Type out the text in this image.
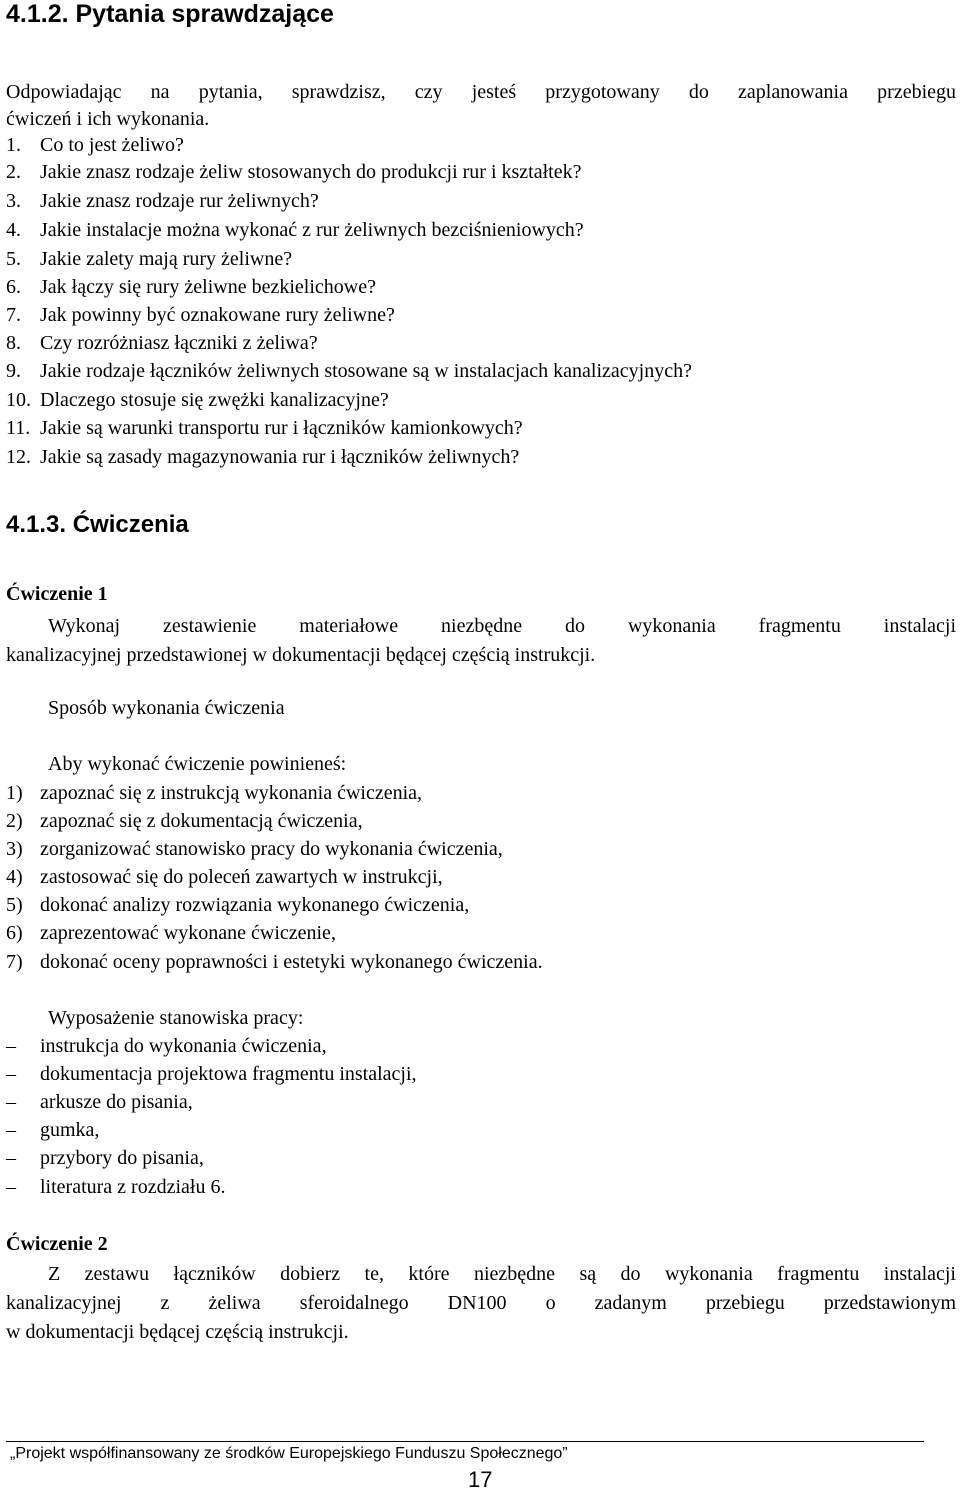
4.1.2. Pytania sprawdzające
Odpowiadając na pytania, sprawdzisz, czy jesteś przygotowany do zaplanowania przebiegu
ćwiczeń i ich wykonania.
1. Co to jest żeliwo?
2. Jakie znasz rodzaje żeliw stosowanych do produkcji rur i kształtek?
3. Jakie znasz rodzaje rur żeliwnych?
4. Jakie instalacje można wykonać z rur żeliwnych bezciśnieniowych?
5. Jakie zalety mają rury żeliwne?
6. Jak łączy się rury żeliwne bezkielichowe?
7. Jak powinny być oznakowane rury żeliwne?
8. Czy rozróżniasz łączniki z żeliwa?
9. Jakie rodzaje łączników żeliwnych stosowane są w instalacjach kanalizacyjnych?
10. Dlaczego stosuje się zwężki kanalizacyjne?
11. Jakie są warunki transportu rur i łączników kamionkowych?
12. Jakie są zasady magazynowania rur i łączników żeliwnych?
4.1.3. Ćwiczenia
Ćwiczenie 1
Wykonaj zestawienie materiałowe niezbędne do wykonania fragmentu instalacji
kanalizacyjnej przedstawionej w dokumentacji będącej częścią instrukcji.
Sposób wykonania ćwiczenia
Aby wykonać ćwiczenie powinieneś:
1) zapoznać się z instrukcją wykonania ćwiczenia,
2) zapoznać się z dokumentacją ćwiczenia,
3) zorganizować stanowisko pracy do wykonania ćwiczenia,
4) zastosować się do poleceń zawartych w instrukcji,
5) dokonać analizy rozwiązania wykonanego ćwiczenia,
6) zaprezentować wykonane ćwiczenie,
7) dokonać oceny poprawności i estetyki wykonanego ćwiczenia.
Wyposażenie stanowiska pracy:
– instrukcja do wykonania ćwiczenia,
– dokumentacja projektowa fragmentu instalacji,
– arkusze do pisania,
– gumka,
– przybory do pisania,
– literatura z rozdziału 6.
Ćwiczenie 2
Z zestawu łączników dobierz te, które niezbędne są do wykonania fragmentu instalacji
kanalizacyjnej z żeliwa sferoidalnego DN100 o zadanym przebiegu przedstawionym
w dokumentacji będącej częścią instrukcji.
„Projekt współfinansowany ze środków Europejskiego Funduszu Społecznego”
17
